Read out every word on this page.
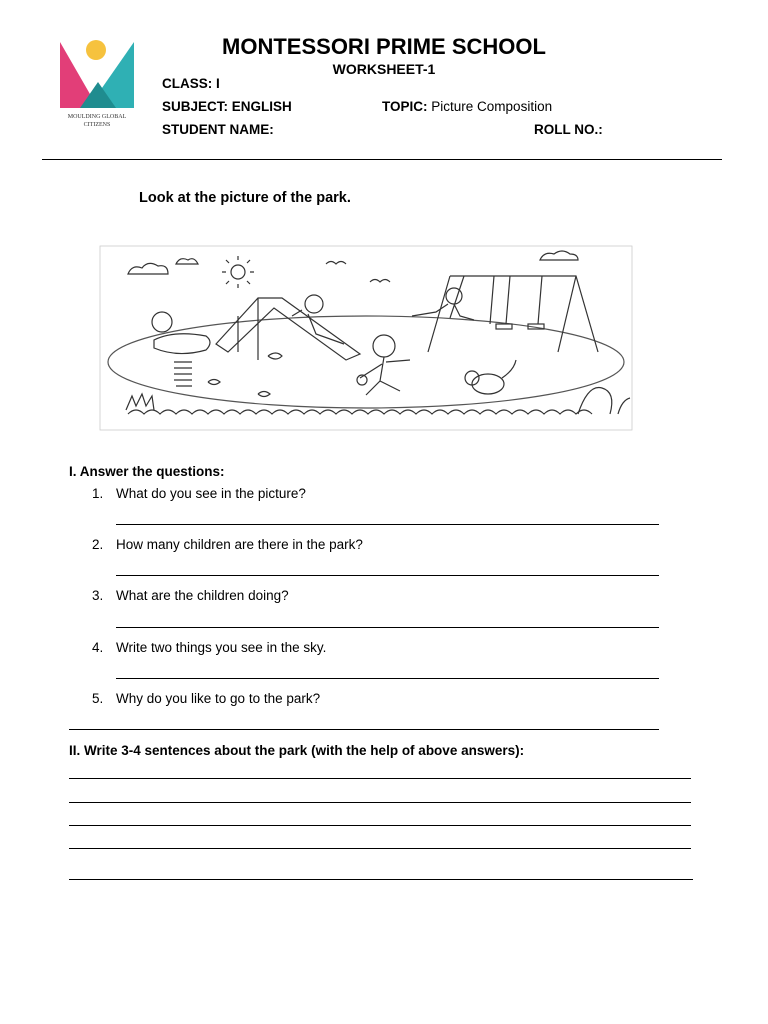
MOULDING GLOBAL
CITIZENS
MONTESSORI PRIME SCHOOL
WORKSHEET-1
CLASS: I
SUBJECT: ENGLISH	TOPIC: Picture Composition
STUDENT NAME:	ROLL NO.:
Look at the picture of the park.
I. Answer the questions:
1. What do you see in the picture?
2. How many children are there in the park?
3. What are the children doing?
4. Write two things you see in the sky.
5. Why do you like to go to the park?
II. Write 3-4 sentences about the park (with the help of above answers):
